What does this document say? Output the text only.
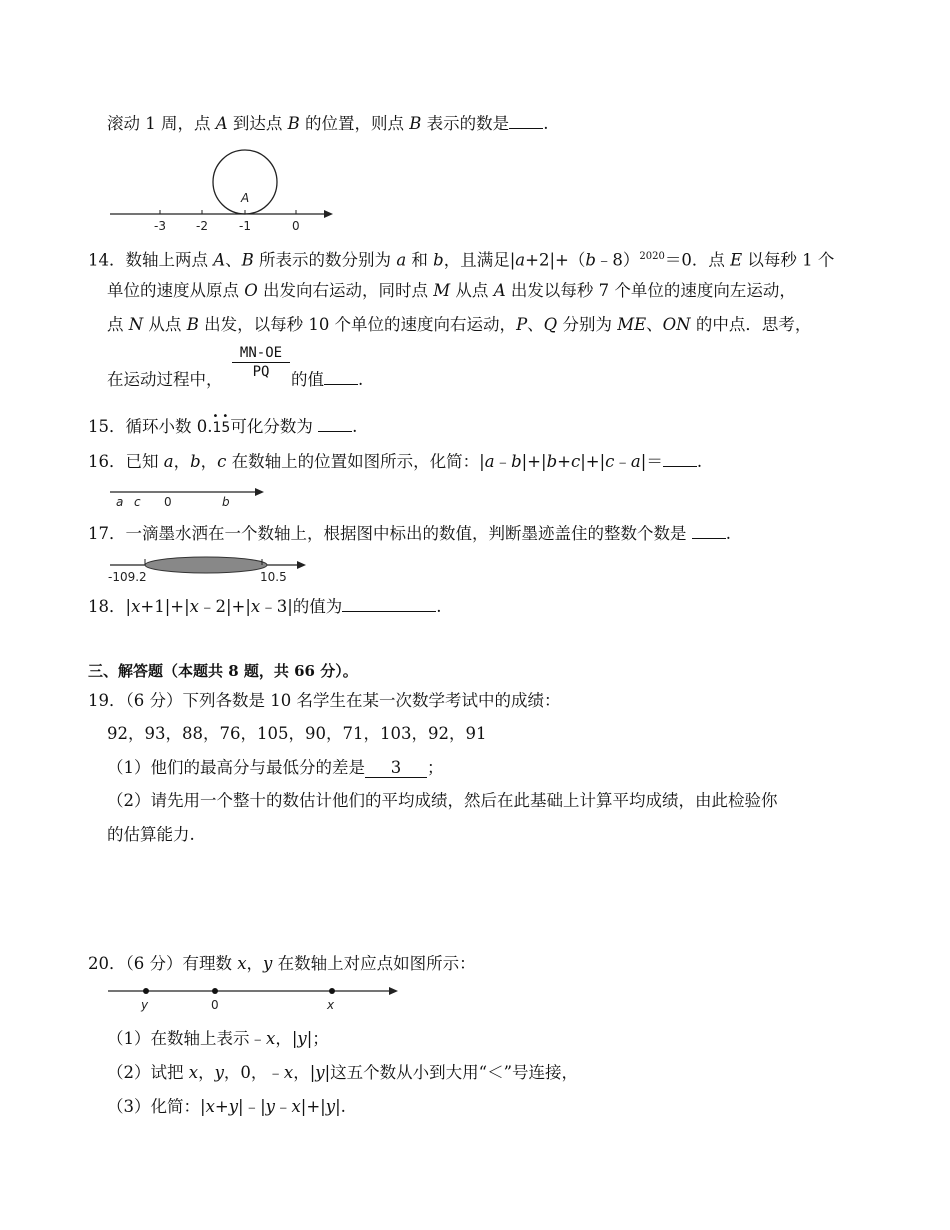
滚动 1 周，点 A 到达点 B 的位置，则点 B 表示的数是 .
A
-3	-2	-1	0
14．数轴上两点 A、B 所表示的数分别为 a 和 b，且满足|a+2|+（b﹣8）$^{2020}$＝0．点 E 以每秒 1 个
单位的速度从原点 O 出发向右运动，同时点 M 从点 A 出发以每秒 7 个单位的速度向左运动，
点 N 从点 B 出发，以每秒 10 个单位的速度向右运动，P、Q 分别为 ME、ON 的中点．思考，
$\frac{MN-OE}{PQ}$
在运动过程中，	的值 .
15．循环小数 0.
••
15可化分数为 .
16．已知 a，b，c 在数轴上的位置如图所示，化简：|a﹣b|+|b+c|+|c﹣a|＝ .
a c 0	b
17．一滴墨水洒在一个数轴上，根据图中标出的数值，判断墨迹盖住的整数个数是 .
-109.2	10.5
18．|x+1|+|x﹣2|+|x﹣3|的值为	.
三、解答题（本题共 8 题，共 66 分）。
19．（6 分）下列各数是 10 名学生在某一次数学考试中的成绩：
92，93，88，76，105，90，71，103，92，91
（1）他们的最高分与最低分的差是 3 ；
（2）请先用一个整十的数估计他们的平均成绩，然后在此基础上计算平均成绩，由此检验你
的估算能力.
20．（6 分）有理数 x，y 在数轴上对应点如图所示：
y	0	x
（1）在数轴上表示﹣x，|y|；
（2）试把 x，y，0，﹣x，|y|这五个数从小到大用“＜”号连接，
（3）化简：|x+y|﹣|y﹣x|+|y|.
